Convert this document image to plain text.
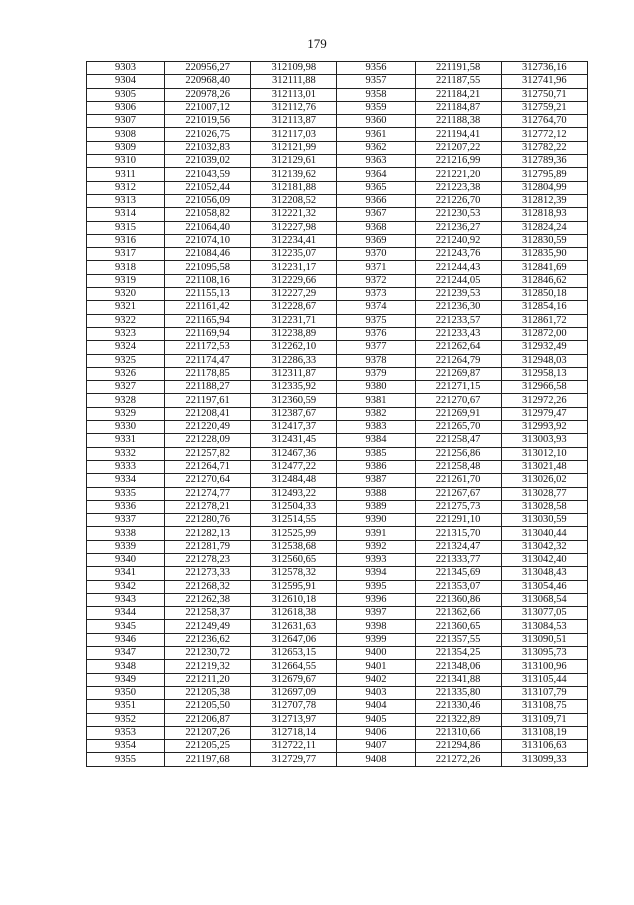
179
9303	220956,27	312109,98	9356	221191,58	312736,16
9304	220968,40	312111,88	9357	221187,55	312741,96
9305	220978,26	312113,01	9358	221184,21	312750,71
9306	221007,12	312112,76	9359	221184,87	312759,21
9307	221019,56	312113,87	9360	221188,38	312764,70
9308	221026,75	312117,03	9361	221194,41	312772,12
9309	221032,83	312121,99	9362	221207,22	312782,22
9310	221039,02	312129,61	9363	221216,99	312789,36
9311	221043,59	312139,62	9364	221221,20	312795,89
9312	221052,44	312181,88	9365	221223,38	312804,99
9313	221056,09	312208,52	9366	221226,70	312812,39
9314	221058,82	312221,32	9367	221230,53	312818,93
9315	221064,40	312227,98	9368	221236,27	312824,24
9316	221074,10	312234,41	9369	221240,92	312830,59
9317	221084,46	312235,07	9370	221243,76	312835,90
9318	221095,58	312231,17	9371	221244,43	312841,69
9319	221108,16	312229,66	9372	221244,05	312846,62
9320	221155,13	312227,29	9373	221239,53	312850,18
9321	221161,42	312228,67	9374	221236,30	312854,16
9322	221165,94	312231,71	9375	221233,57	312861,72
9323	221169,94	312238,89	9376	221233,43	312872,00
9324	221172,53	312262,10	9377	221262,64	312932,49
9325	221174,47	312286,33	9378	221264,79	312948,03
9326	221178,85	312311,87	9379	221269,87	312958,13
9327	221188,27	312335,92	9380	221271,15	312966,58
9328	221197,61	312360,59	9381	221270,67	312972,26
9329	221208,41	312387,67	9382	221269,91	312979,47
9330	221220,49	312417,37	9383	221265,70	312993,92
9331	221228,09	312431,45	9384	221258,47	313003,93
9332	221257,82	312467,36	9385	221256,86	313012,10
9333	221264,71	312477,22	9386	221258,48	313021,48
9334	221270,64	312484,48	9387	221261,70	313026,02
9335	221274,77	312493,22	9388	221267,67	313028,77
9336	221278,21	312504,33	9389	221275,73	313028,58
9337	221280,76	312514,55	9390	221291,10	313030,59
9338	221282,13	312525,99	9391	221315,70	313040,44
9339	221281,79	312538,68	9392	221324,47	313042,32
9340	221278,23	312560,65	9393	221333,77	313042,40
9341	221273,33	312578,32	9394	221345,69	313048,43
9342	221268,32	312595,91	9395	221353,07	313054,46
9343	221262,38	312610,18	9396	221360,86	313068,54
9344	221258,37	312618,38	9397	221362,66	313077,05
9345	221249,49	312631,63	9398	221360,65	313084,53
9346	221236,62	312647,06	9399	221357,55	313090,51
9347	221230,72	312653,15	9400	221354,25	313095,73
9348	221219,32	312664,55	9401	221348,06	313100,96
9349	221211,20	312679,67	9402	221341,88	313105,44
9350	221205,38	312697,09	9403	221335,80	313107,79
9351	221205,50	312707,78	9404	221330,46	313108,75
9352	221206,87	312713,97	9405	221322,89	313109,71
9353	221207,26	312718,14	9406	221310,66	313108,19
9354	221205,25	312722,11	9407	221294,86	313106,63
9355	221197,68	312729,77	9408	221272,26	313099,33
